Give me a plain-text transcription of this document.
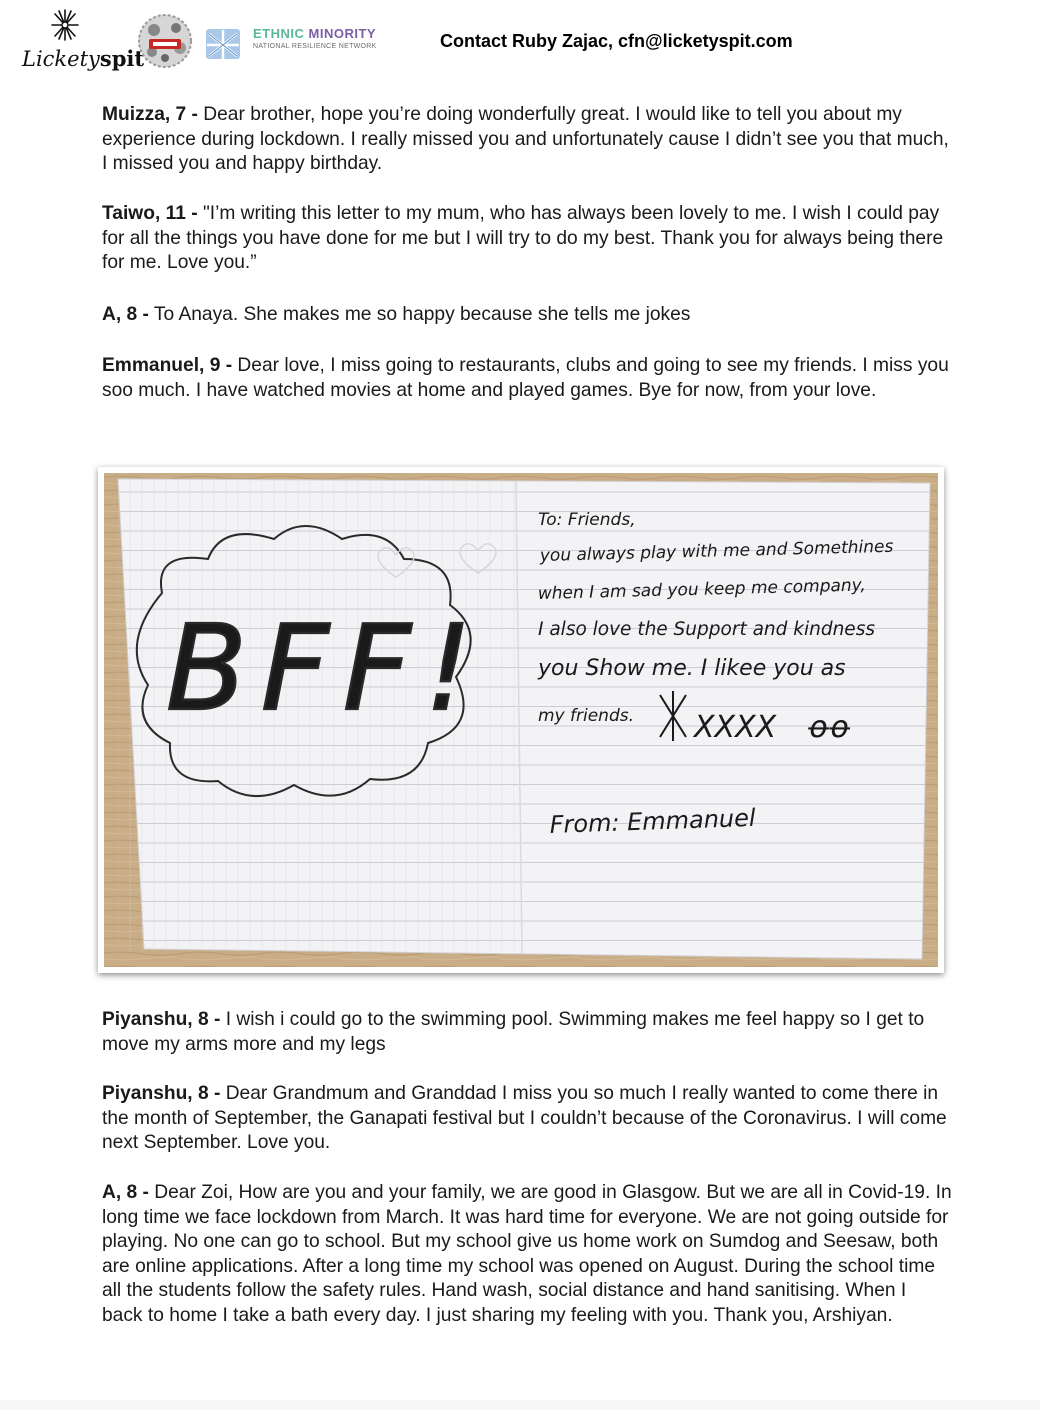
Licketyspit
ETHNIC MINORITY
NATIONAL RESILIENCE NETWORK	Contact Ruby Zajac, cfn@licketyspit.com

Muizza, 7 - Dear brother, hope you’re doing wonderfully great. I would like to tell you about my experience during lockdown. I really missed you and unfortunately cause I didn’t see you that much, I missed you and happy birthday.

Taiwo, 11 - "I’m writing this letter to my mum, who has always been lovely to me. I wish I could pay for all the things you have done for me but I will try to do my best. Thank you for always being there for me. Love you.”

A, 8 - To Anaya. She makes me so happy because she tells me jokes

Emmanuel, 9 - Dear love, I miss going to restaurants, clubs and going to see my friends. I miss you soo much. I have watched movies at home and played games. Bye for now, from your love.

BFF!
To: Friends,
you always play with me and Somethines
when I am sad you keep me company,
I also love the Support and kindness
you Show me. I likee you as
my friends. XXXX ꝋꝋ
From: Emmanuel

Piyanshu, 8 - I wish i could go to the swimming pool. Swimming makes me feel happy so I get to move my arms more and my legs

Piyanshu, 8 - Dear Grandmum and Granddad I miss you so much I really wanted to come there in the month of September, the Ganapati festival but I couldn’t because of the Coronavirus. I will come next September. Love you.

A, 8 - Dear Zoi, How are you and your family, we are good in Glasgow. But we are all in Covid-19. In long time we face lockdown from March. It was hard time for everyone. We are not going outside for playing. No one can go to school. But my school give us home work on Sumdog and Seesaw, both are online applications. After a long time my school was opened on August. During the school time all the students follow the safety rules. Hand wash, social distance and hand sanitising. When I back to home I take a bath every day. I just sharing my feeling with you. Thank you, Arshiyan.
